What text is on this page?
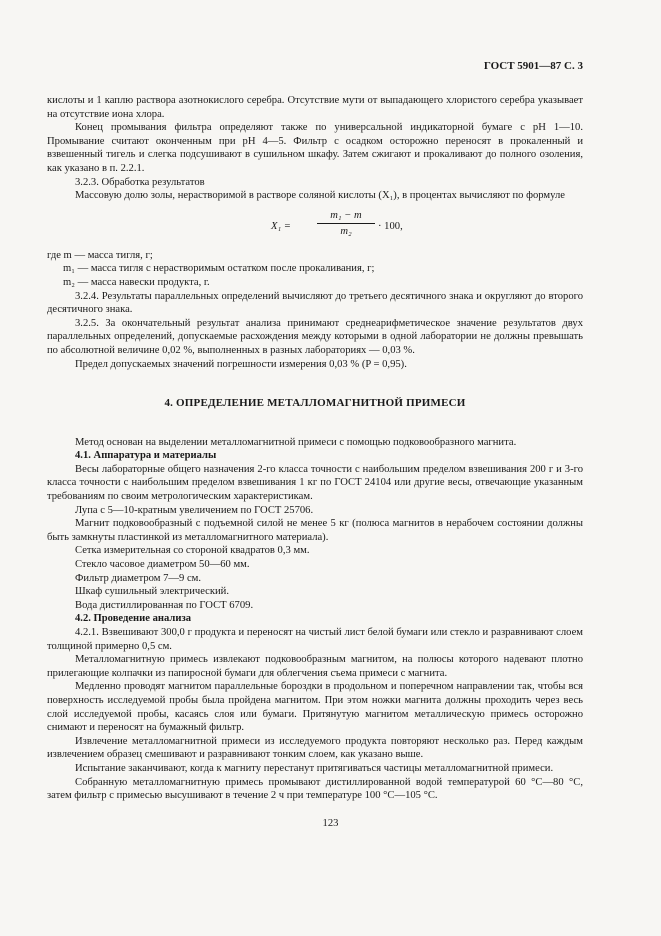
ГОСТ 5901—87 С. 3

кислоты и 1 каплю раствора азотнокислого серебра. Отсутствие мути от выпадающего хлористого серебра указывает на отсутствие иона хлора.

Конец промывания фильтра определяют также по универсальной индикаторной бумаге с рН 1—10. Промывание считают оконченным при рН 4—5. Фильтр с осадком осторожно переносят в прокаленный и взвешенный тигель и слегка подсушивают в сушильном шкафу. Затем сжигают и прокаливают до полного озоления, как указано в п. 2.2.1.

3.2.3. Обработка результатов

Массовую долю золы, нерастворимой в растворе соляной кислоты (X₁), в процентах вычисляют по формуле

$X_1 = \frac{\text{m₁ − m}}{\text{m₂}} \cdot 100$,

где m — масса тигля, г;

m₁ — масса тигля с нерастворимым остатком после прокаливания, г;

m₂ — масса навески продукта, г.

3.2.4. Результаты параллельных определений вычисляют до третьего десятичного знака и округляют до второго десятичного знака.

3.2.5. За окончательный результат анализа принимают среднеарифметическое значение результатов двух параллельных определений, допускаемые расхождения между которыми в одной лаборатории не должны превышать по абсолютной величине 0,02 %, выполненных в разных лабораториях — 0,03 %.

Предел допускаемых значений погрешности измерения 0,03 % (P = 0,95).

4. ОПРЕДЕЛЕНИЕ МЕТАЛЛОМАГНИТНОЙ ПРИМЕСИ

Метод основан на выделении металломагнитной примеси с помощью подковообразного магнита.

4.1. Аппаратура и материалы

Весы лабораторные общего назначения 2-го класса точности с наибольшим пределом взвешивания 200 г и 3-го класса точности с наибольшим пределом взвешивания 1 кг по ГОСТ 24104 или другие весы, отвечающие указанным требованиям по своим метрологическим характеристикам.

Лупа с 5—10-кратным увеличением по ГОСТ 25706.

Магнит подковообразный с подъемной силой не менее 5 кг (полюса магнитов в нерабочем состоянии должны быть замкнуты пластинкой из металломагнитного материала).

Сетка измерительная со стороной квадратов 0,3 мм.

Стекло часовое диаметром 50—60 мм.

Фильтр диаметром 7—9 см.

Шкаф сушильный электрический.

Вода дистиллированная по ГОСТ 6709.

4.2. Проведение анализа

4.2.1. Взвешивают 300,0 г продукта и переносят на чистый лист белой бумаги или стекло и разравнивают слоем толщиной примерно 0,5 см.

Металломагнитную примесь извлекают подковообразным магнитом, на полюсы которого надевают плотно прилегающие колпачки из папиросной бумаги для облегчения съема примеси с магнита.

Медленно проводят магнитом параллельные бороздки в продольном и поперечном направлении так, чтобы вся поверхность исследуемой пробы была пройдена магнитом. При этом ножки магнита должны проходить через весь слой исследуемой пробы, касаясь слоя или бумаги. Притянутую магнитом металлическую примесь осторожно снимают и переносят на бумажный фильтр.

Извлечение металломагнитной примеси из исследуемого продукта повторяют несколько раз. Перед каждым извлечением образец смешивают и разравнивают тонким слоем, как указано выше.

Испытание заканчивают, когда к магниту перестанут притягиваться частицы металломагнитной примеси.

Собранную металломагнитную примесь промывают дистиллированной водой температурой 60 °С—80 °С, затем фильтр с примесью высушивают в течение 2 ч при температуре 100 °С—105 °С.

123
